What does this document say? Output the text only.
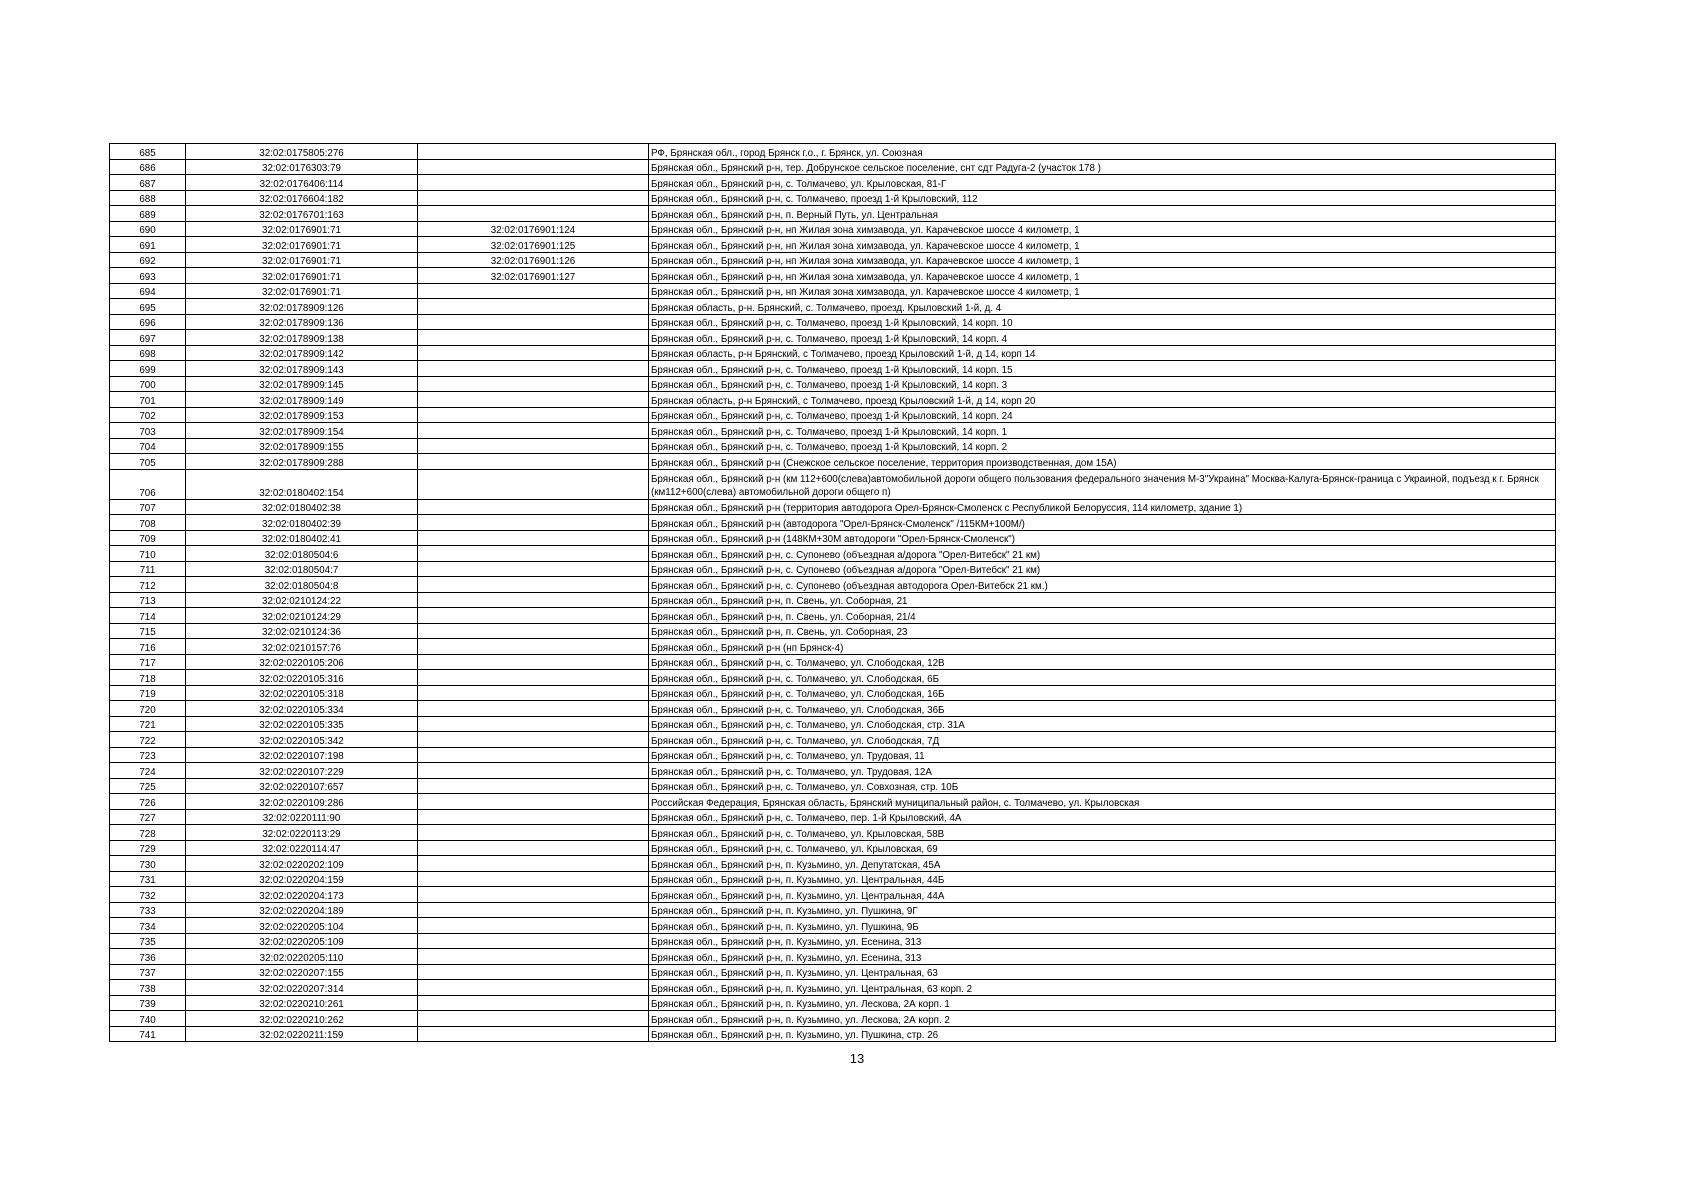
685	32:02:0175805:276		РФ, Брянская обл., город Брянск г.о., г. Брянск, ул. Союзная
686	32:02:0176303:79		Брянская обл., Брянский р-н, тер. Добрунское сельское поселение, снт сдт Радуга-2 (участок 178 )
687	32:02:0176406:114		Брянская обл., Брянский р-н, с. Толмачево, ул. Крыловская, 81-Г
688	32:02:0176604:182		Брянская обл., Брянский р-н, с. Толмачево, проезд 1-й Крыловский, 112
689	32:02:0176701:163		Брянская обл., Брянский р-н, п. Верный Путь, ул. Центральная
690	32:02:0176901:71	32:02:0176901:124	Брянская обл., Брянский р-н, нп Жилая зона химзавода, ул. Карачевское шоссе 4 километр, 1
691	32:02:0176901:71	32:02:0176901:125	Брянская обл., Брянский р-н, нп Жилая зона химзавода, ул. Карачевское шоссе 4 километр, 1
692	32:02:0176901:71	32:02:0176901:126	Брянская обл., Брянский р-н, нп Жилая зона химзавода, ул. Карачевское шоссе 4 километр, 1
693	32:02:0176901:71	32:02:0176901:127	Брянская обл., Брянский р-н, нп Жилая зона химзавода, ул. Карачевское шоссе 4 километр, 1
694	32:02:0176901:71		Брянская обл., Брянский р-н, нп Жилая зона химзавода, ул. Карачевское шоссе 4 километр, 1
695	32:02:0178909:126		Брянская область, р-н. Брянский, с. Толмачево, проезд. Крыловский 1-й, д. 4
696	32:02:0178909:136		Брянская обл., Брянский р-н, с. Толмачево, проезд 1-й Крыловский, 14 корп. 10
697	32:02:0178909:138		Брянская обл., Брянский р-н, с. Толмачево, проезд 1-й Крыловский, 14 корп. 4
698	32:02:0178909:142		Брянская область, р-н Брянский, с Толмачево, проезд Крыловский 1-й, д 14, корп 14
699	32:02:0178909:143		Брянская обл., Брянский р-н, с. Толмачево, проезд 1-й Крыловский, 14 корп. 15
700	32:02:0178909:145		Брянская обл., Брянский р-н, с. Толмачево, проезд 1-й Крыловский, 14 корп. 3
701	32:02:0178909:149		Брянская область, р-н Брянский, с Толмачево, проезд Крыловский 1-й, д 14, корп 20
702	32:02:0178909:153		Брянская обл., Брянский р-н, с. Толмачево, проезд 1-й Крыловский, 14 корп. 24
703	32:02:0178909:154		Брянская обл., Брянский р-н, с. Толмачево, проезд 1-й Крыловский, 14 корп. 1
704	32:02:0178909:155		Брянская обл., Брянский р-н, с. Толмачево, проезд 1-й Крыловский, 14 корп. 2
705	32:02:0178909:288		Брянская обл., Брянский р-н (Снежское сельское поселение, территория производственная, дом 15А)
706	32:02:0180402:154		Брянская обл., Брянский р-н (км 112+600(слева)автомобильной дороги общего пользования федерального значения М-3"Украина" Москва-Калуга-Брянск-граница с Украиной, подъезд к г. Брянск (км112+600(слева) автомобильной дороги общего п)
707	32:02:0180402:38		Брянская обл., Брянский р-н (территория автодорога Орел-Брянск-Смоленск с Республикой Белоруссия, 114 километр, здание 1)
708	32:02:0180402:39		Брянская обл., Брянский р-н (автодорога "Орел-Брянск-Смоленск" /115КМ+100М/)
709	32:02:0180402:41		Брянская обл., Брянский р-н (148КМ+30М автодороги "Орел-Брянск-Смоленск")
710	32:02:0180504:6		Брянская обл., Брянский р-н, с. Супонево (объездная а/дорога "Орел-Витебск" 21 км)
711	32:02:0180504:7		Брянская обл., Брянский р-н, с. Супонево (объездная а/дорога "Орел-Витебск" 21 км)
712	32:02:0180504:8		Брянская обл., Брянский р-н, с. Супонево (объездная автодорога Орел-Витебск 21 км.)
713	32:02:0210124:22		Брянская обл., Брянский р-н, п. Свень, ул. Соборная, 21
714	32:02:0210124:29		Брянская обл., Брянский р-н, п. Свень, ул. Соборная, 21/4
715	32:02:0210124:36		Брянская обл., Брянский р-н, п. Свень, ул. Соборная, 23
716	32:02:0210157:76		Брянская обл., Брянский р-н (нп Брянск-4)
717	32:02:0220105:206		Брянская обл., Брянский р-н, с. Толмачево, ул. Слободская, 12В
718	32:02:0220105:316		Брянская обл., Брянский р-н, с. Толмачево, ул. Слободская, 6Б
719	32:02:0220105:318		Брянская обл., Брянский р-н, с. Толмачево, ул. Слободская, 16Б
720	32:02:0220105:334		Брянская обл., Брянский р-н, с. Толмачево, ул. Слободская, 36Б
721	32:02:0220105:335		Брянская обл., Брянский р-н, с. Толмачево, ул. Слободская, стр. 31А
722	32:02:0220105:342		Брянская обл., Брянский р-н, с. Толмачево, ул. Слободская, 7Д
723	32:02:0220107:198		Брянская обл., Брянский р-н, с. Толмачево, ул. Трудовая, 11
724	32:02:0220107:229		Брянская обл., Брянский р-н, с. Толмачево, ул. Трудовая, 12А
725	32:02:0220107:657		Брянская обл., Брянский р-н, с. Толмачево, ул. Совхозная, стр. 10Б
726	32:02:0220109:286		Российская Федерация, Брянская область, Брянский муниципальный район, с. Толмачево, ул. Крыловская
727	32:02:0220111:90		Брянская обл., Брянский р-н, с. Толмачево, пер. 1-й Крыловский, 4А
728	32:02:0220113:29		Брянская обл., Брянский р-н, с. Толмачево, ул. Крыловская, 58В
729	32:02:0220114:47		Брянская обл., Брянский р-н, с. Толмачево, ул. Крыловская, 69
730	32:02:0220202:109		Брянская обл., Брянский р-н, п. Кузьмино, ул. Депутатская, 45А
731	32:02:0220204:159		Брянская обл., Брянский р-н, п. Кузьмино, ул. Центральная, 44Б
732	32:02:0220204:173		Брянская обл., Брянский р-н, п. Кузьмино, ул. Центральная, 44А
733	32:02:0220204:189		Брянская обл., Брянский р-н, п. Кузьмино, ул. Пушкина, 9Г
734	32:02:0220205:104		Брянская обл., Брянский р-н, п. Кузьмино, ул. Пушкина, 9Б
735	32:02:0220205:109		Брянская обл., Брянский р-н, п. Кузьмино, ул. Есенина, 313
736	32:02:0220205:110		Брянская обл., Брянский р-н, п. Кузьмино, ул. Есенина, 313
737	32:02:0220207:155		Брянская обл., Брянский р-н, п. Кузьмино, ул. Центральная, 63
738	32:02:0220207:314		Брянская обл., Брянский р-н, п. Кузьмино, ул. Центральная, 63 корп. 2
739	32:02:0220210:261		Брянская обл., Брянский р-н, п. Кузьмино, ул. Лескова, 2А корп. 1
740	32:02:0220210:262		Брянская обл., Брянский р-н, п. Кузьмино, ул. Лескова, 2А корп. 2
741	32:02:0220211:159		Брянская обл., Брянский р-н, п. Кузьмино, ул. Пушкина, стр. 26
13
